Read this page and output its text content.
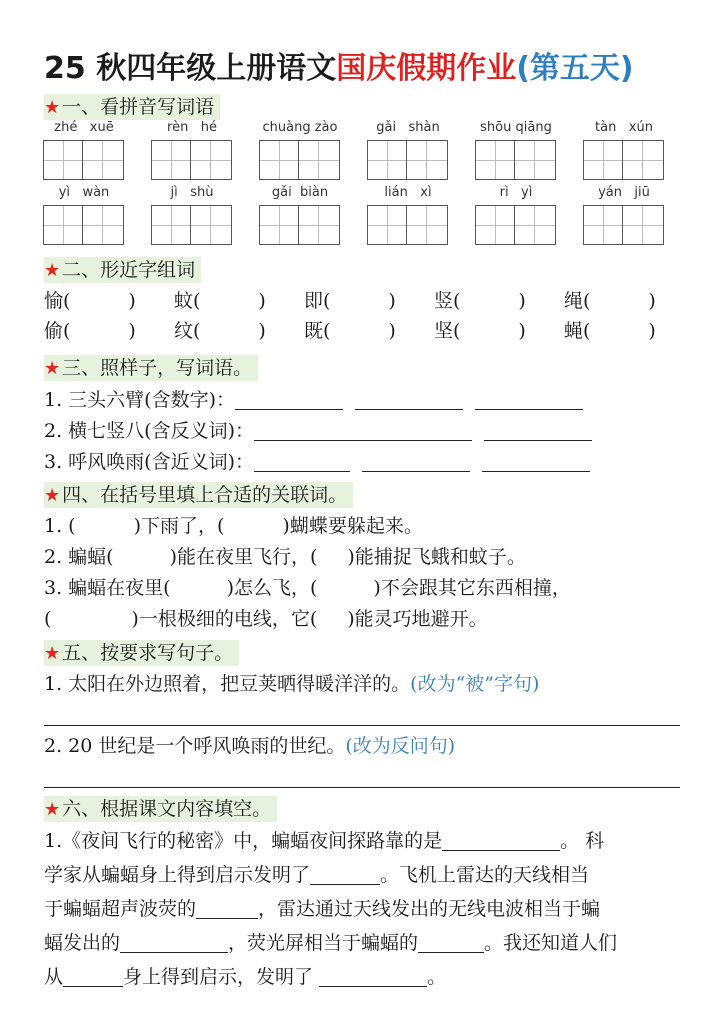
25 秋四年级上册语文国庆假期作业(第五天)
★ 一、看拼音写词语
zhé xuē	rèn hé	chuàng zào	gǎi shàn	shōu qiāng	tàn xún
yì wàn	jì shù	gǎi biàn	lián xì	rì yì	yán jiū
★ 二、形近字组词
愉(	) 蚊(	) 即(	) 竖(	) 绳(	)
偷(	) 纹(	) 既(	) 坚(	) 蝇(	)
★ 三、照样子，写词语。
1. 三头六臂(含数字)：
2. 横七竖八(含反义词)：
3. 呼风唤雨(含近义词)：
★ 四、在括号里填上合适的关联词。
1. (	)下雨了，(	)蝴蝶要躲起来。
2. 蝙蝠(	)能在夜里飞行，( )能捕捉飞蛾和蚊子。
3. 蝙蝠在夜里(	)怎么飞，(	)不会跟其它东西相撞，
(	)一根极细的电线，它( )能灵巧地避开。
★ 五、按要求写句子。
1. 太阳在外边照着，把豆荚晒得暖洋洋的。(改为“被”字句)
2. 20 世纪是一个呼风唤雨的世纪。(改为反问句)
★ 六、根据课文内容填空。
1.《夜间飞行的秘密》中，蝙蝠夜间探路靠的是	。 科
学家从蝙蝠身上得到启示发明了	。飞机上雷达的天线相当
于蝙蝠超声波荧的	，雷达通过天线发出的无线电波相当于蝙
蝠发出的	，荧光屏相当于蝙蝠的	。我还知道人们
从	身上得到启示，发明了	。
